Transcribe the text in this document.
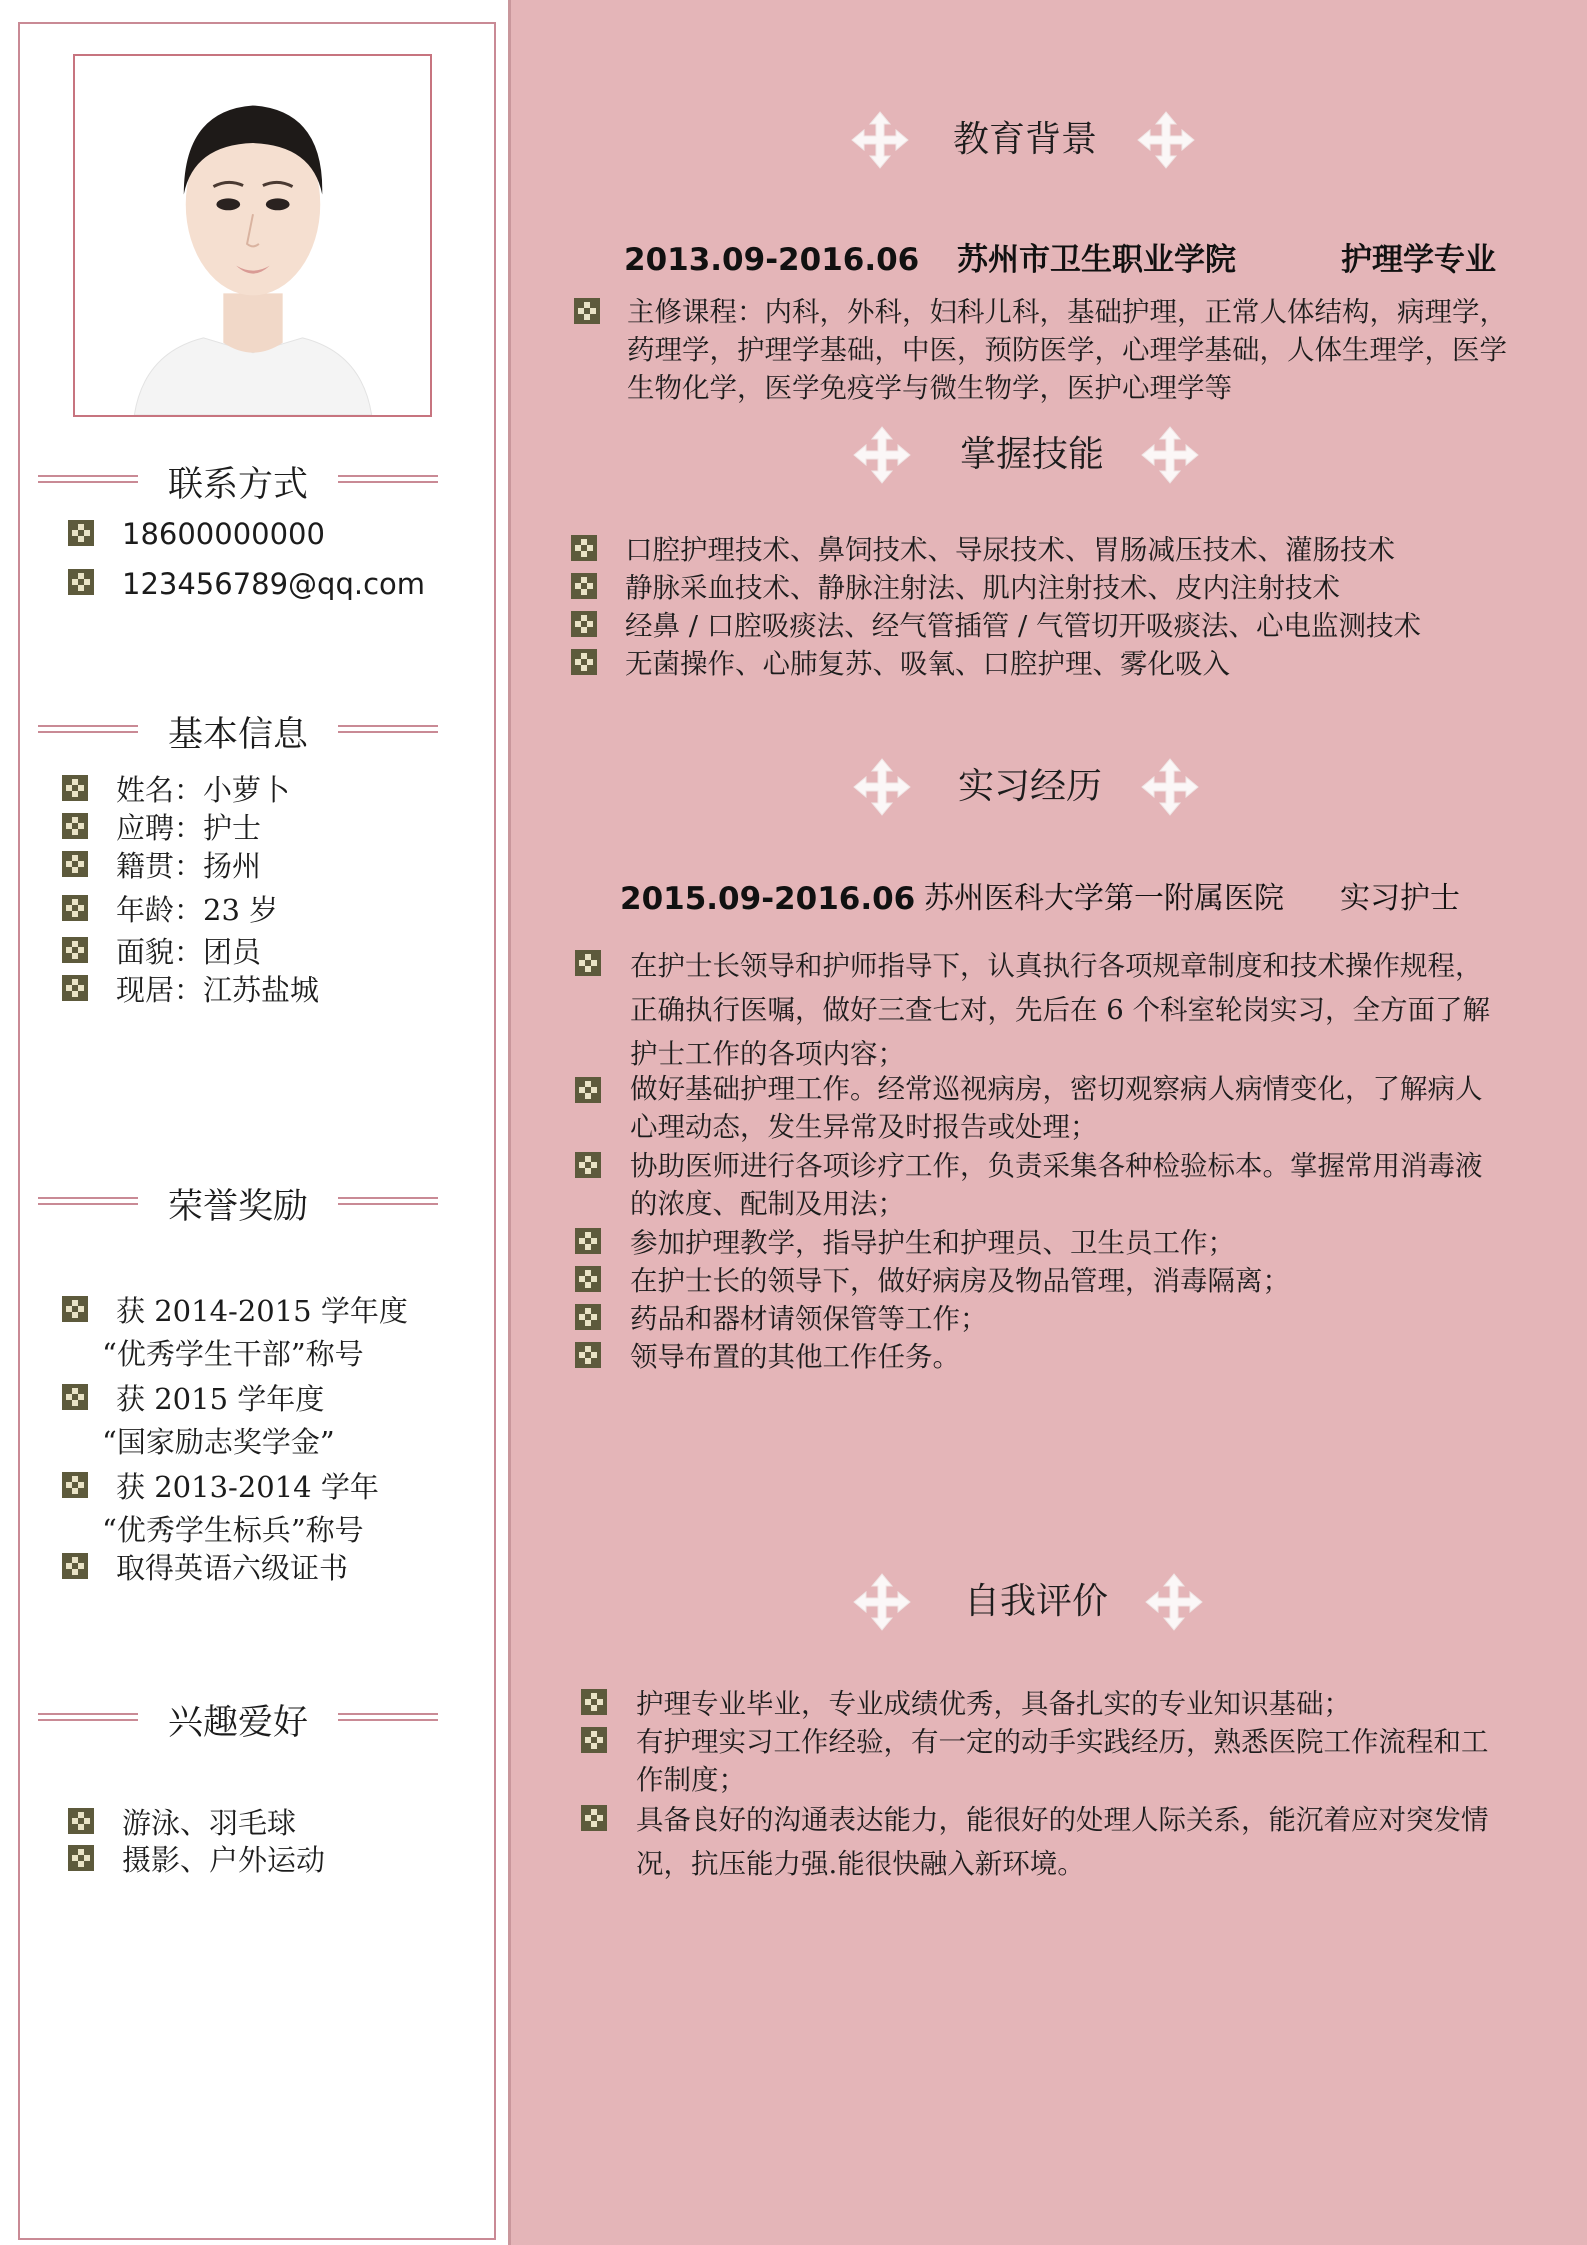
联系方式
18600000000
123456789@qq.com
基本信息
姓名：小萝卜
应聘：护士
籍贯：扬州
年龄：23 岁
面貌：团员
现居：江苏盐城
荣誉奖励
获 2014-2015 学年度
“优秀学生干部”称号
获 2015 学年度
“国家励志奖学金”
获 2013-2014 学年
“优秀学生标兵”称号
取得英语六级证书
兴趣爱好
游泳、羽毛球
摄影、户外运动
教育背景
2013.09-2016.06 苏州市卫生职业学院	护理学专业
主修课程：内科，外科，妇科儿科，基础护理，正常人体结构，病理学，药理学，护理学基础，中医，预防医学，心理学基础，人体生理学，医学生物化学，医学免疫学与微生物学，医护心理学等
掌握技能
口腔护理技术、鼻饲技术、导尿技术、胃肠减压技术、灌肠技术
静脉采血技术、静脉注射法、肌内注射技术、皮内注射技术
经鼻 / 口腔吸痰法、经气管插管 / 气管切开吸痰法、心电监测技术
无菌操作、心肺复苏、吸氧、口腔护理、雾化吸入
实习经历
2015.09-2016.06 苏州医科大学第一附属医院 实习护士
在护士长领导和护师指导下，认真执行各项规章制度和技术操作规程，正确执行医嘱，做好三查七对，先后在 6 个科室轮岗实习，全方面了解护士工作的各项内容；
做好基础护理工作。经常巡视病房，密切观察病人病情变化，了解病人心理动态，发生异常及时报告或处理；
协助医师进行各项诊疗工作，负责采集各种检验标本。掌握常用消毒液的浓度、配制及用法；
参加护理教学，指导护生和护理员、卫生员工作；
在护士长的领导下，做好病房及物品管理，消毒隔离；
药品和器材请领保管等工作；
领导布置的其他工作任务。
自我评价
护理专业毕业，专业成绩优秀，具备扎实的专业知识基础；
有护理实习工作经验，有一定的动手实践经历，熟悉医院工作流程和工作制度；
具备良好的沟通表达能力，能很好的处理人际关系，能沉着应对突发情况，抗压能力强.能很快融入新环境。
